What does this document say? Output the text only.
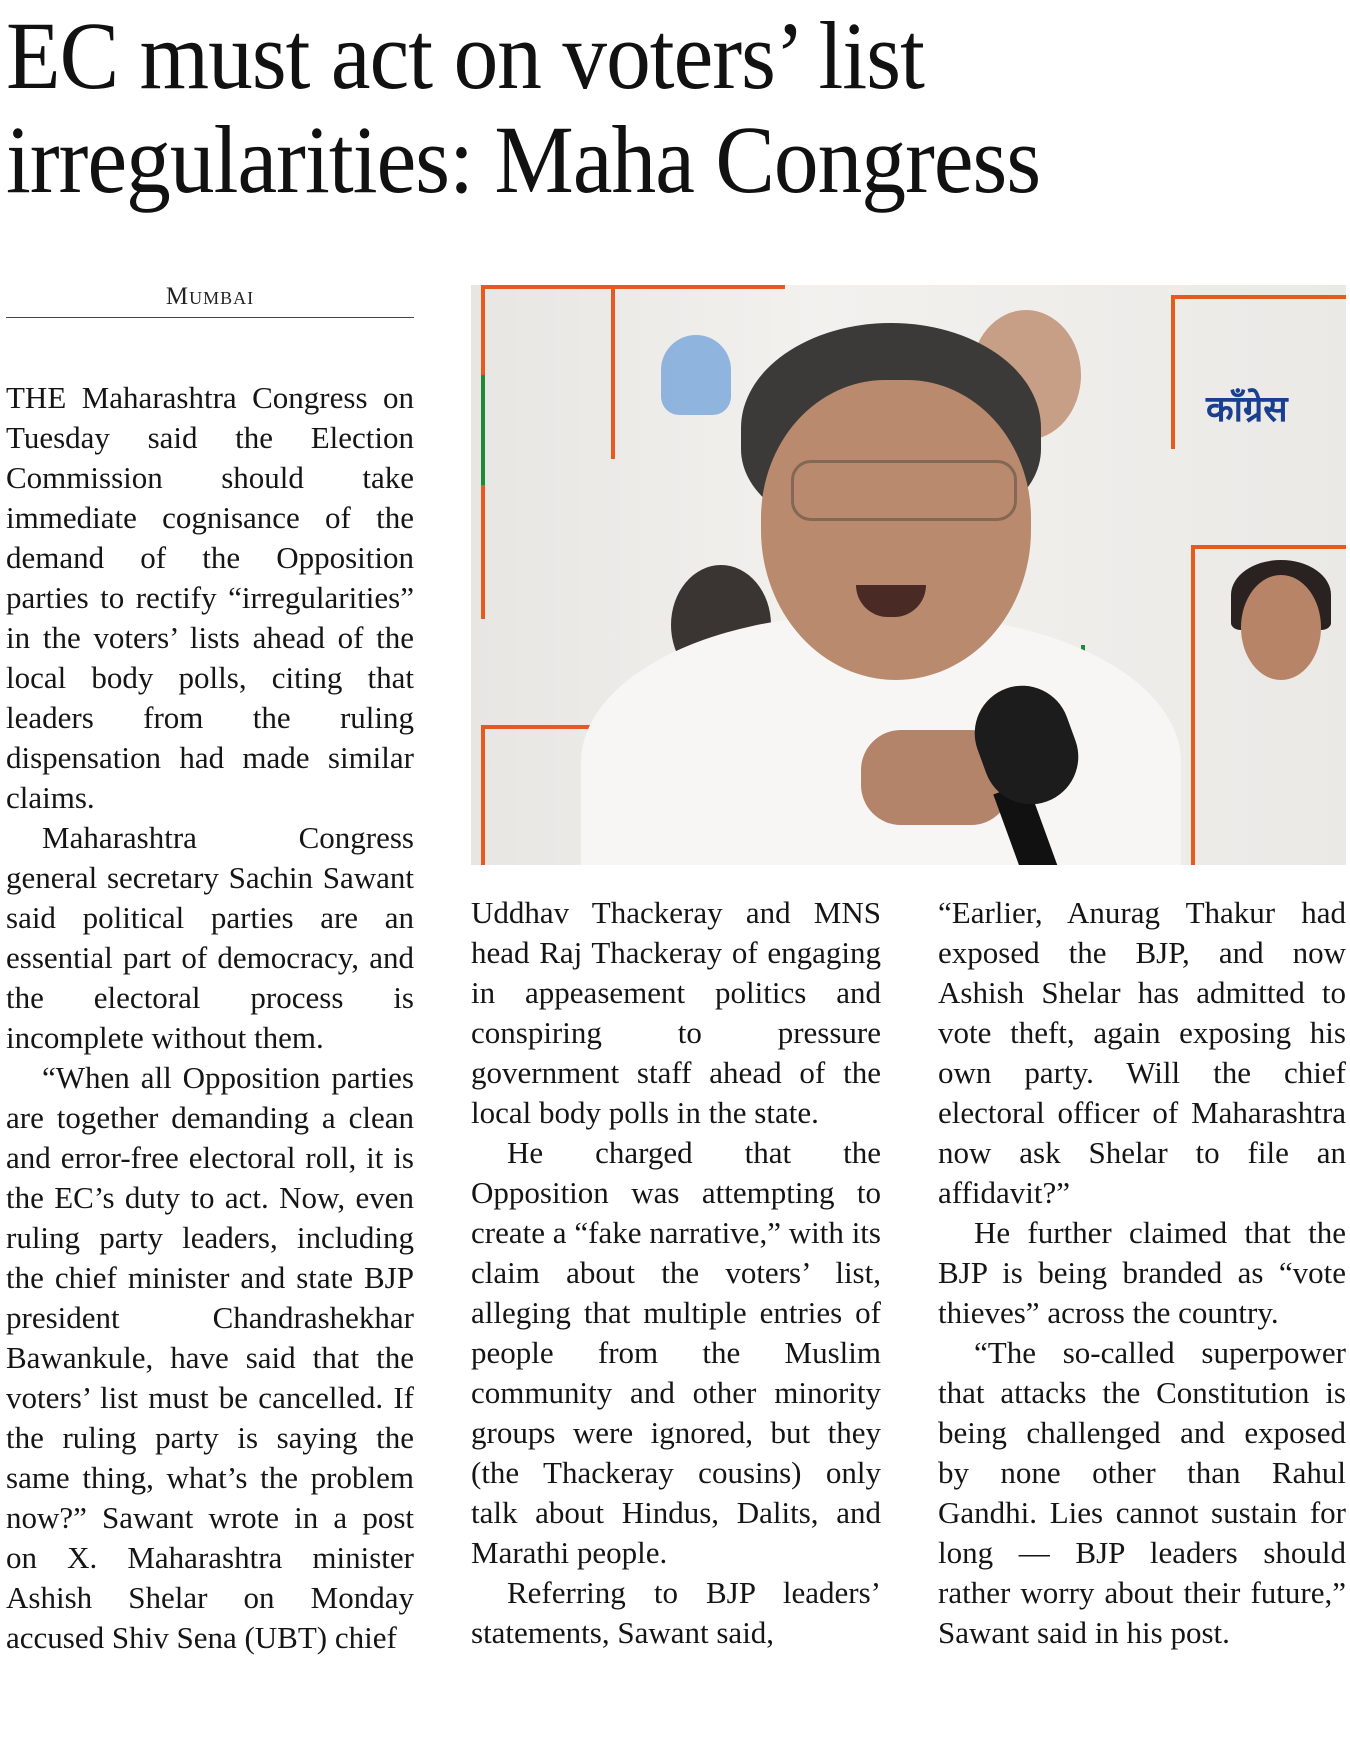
EC must act on voters’ list
irregularities: Maha Congress
Mumbai
कॉंग्रेस

THE Maharashtra Congress on Tuesday said the Election Commission should take immediate cognisance of the demand of the Opposition parties to rectify “irregularities” in the voters’ lists ahead of the local body polls, citing that leaders from the ruling dispensation had made similar claims.

Maharashtra Congress general secretary Sachin Sawant said political parties are an essential part of democracy, and the electoral process is incomplete without them.

“When all Opposition parties are together demanding a clean and error-free electoral roll, it is the EC’s duty to act. Now, even ruling party leaders, including the chief minister and state BJP president Chandrashekhar Bawankule, have said that the voters’ list must be cancelled. If the ruling party is saying the same thing, what’s the problem now?” Sawant wrote in a post on X. Maharashtra minister Ashish Shelar on Monday accused Shiv Sena (UBT) chief

Uddhav Thackeray and MNS head Raj Thackeray of engaging in appeasement politics and conspiring to pressure government staff ahead of the local body polls in the state.

He charged that the Opposition was attempting to create a “fake narrative,” with its claim about the voters’ list, alleging that multiple entries of people from the Muslim community and other minority groups were ignored, but they (the Thackeray cousins) only talk about Hindus, Dalits, and Marathi people.

Referring to BJP leaders’ statements, Sawant said,

“Earlier, Anurag Thakur had exposed the BJP, and now Ashish Shelar has admitted to vote theft, again exposing his own party. Will the chief electoral officer of Maharashtra now ask Shelar to file an affidavit?”

He further claimed that the BJP is being branded as “vote thieves” across the country.

“The so-called superpower that attacks the Constitution is being challenged and exposed by none other than Rahul Gandhi. Lies cannot sustain for long — BJP leaders should rather worry about their future,” Sawant said in his post.
